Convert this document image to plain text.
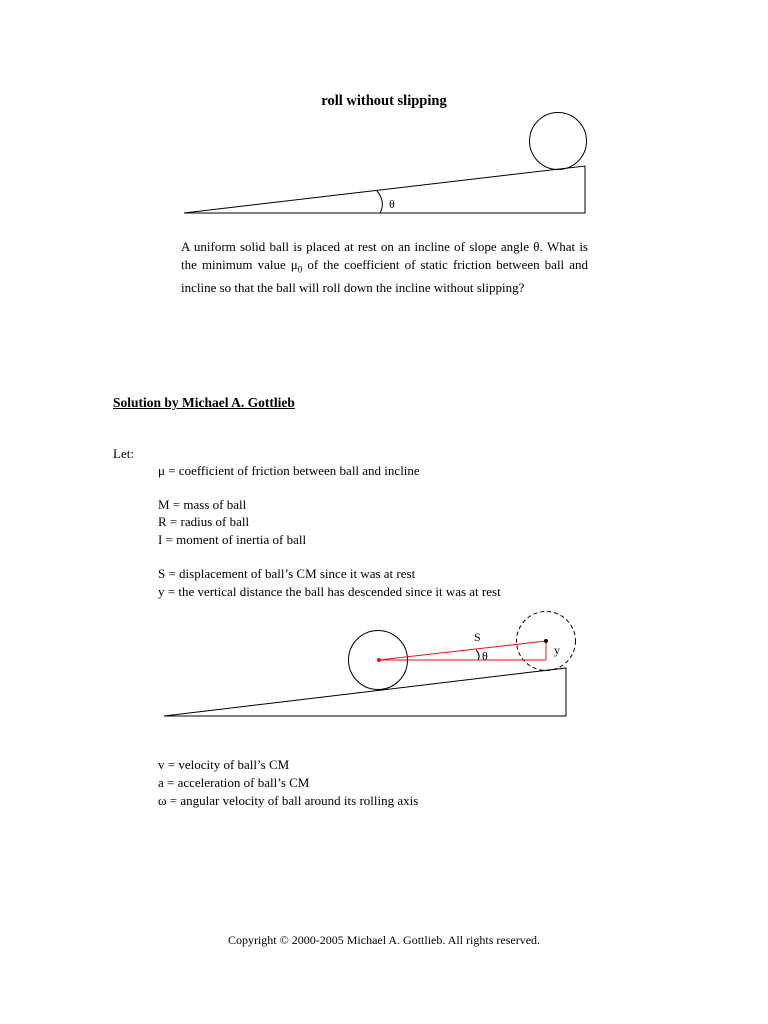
roll without slipping
θ

A uniform solid ball is placed at rest on an incline of slope angle θ. What is the minimum value $\mu_0$ of the coefficient of static friction between ball and incline so that the ball will roll down the incline without slipping?

Solution by Michael A. Gottlieb
Let:
μ = coefficient of friction between ball and incline
M = mass of ball
R = radius of ball
I = moment of inertia of ball
S = displacement of ball’s CM since it was at rest
y = the vertical distance the ball has descended since it was at rest
S
θ	y
v = velocity of ball’s CM
a = acceleration of ball’s CM
ω = angular velocity of ball around its rolling axis
Copyright © 2000-2005 Michael A. Gottlieb. All rights reserved.
